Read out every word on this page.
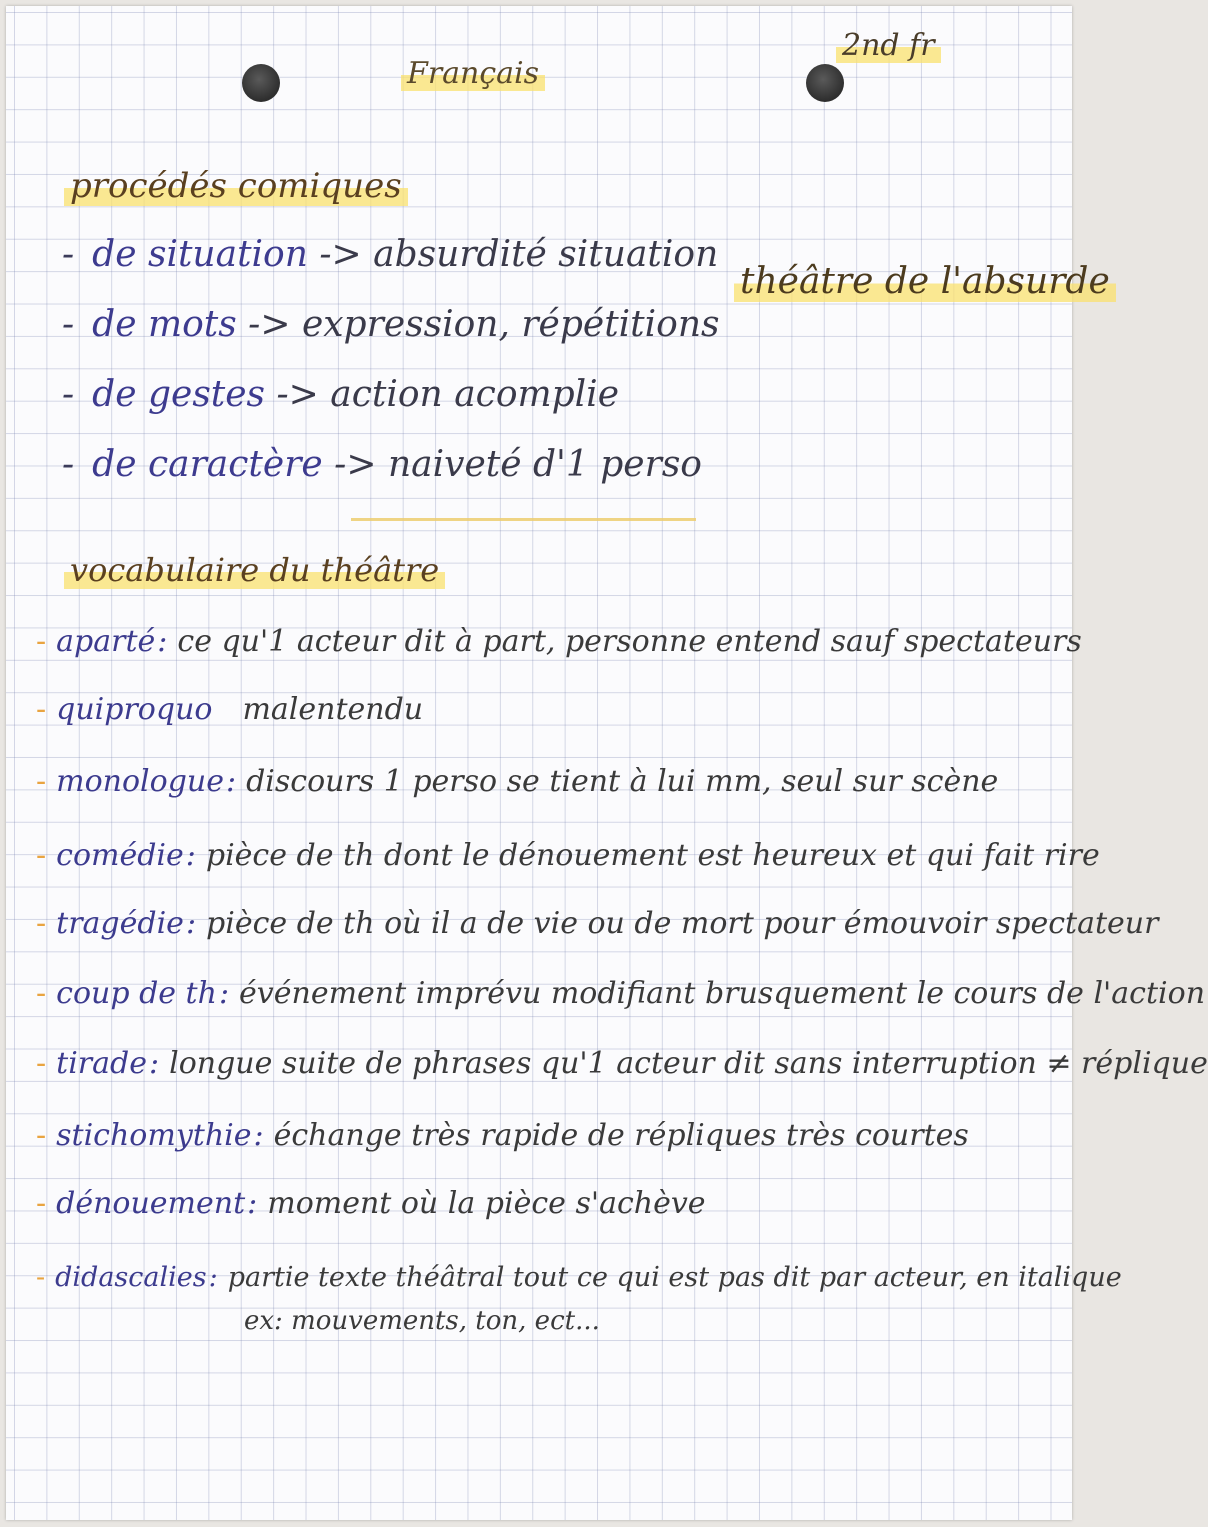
Français
2nd fr
procédés comiques
- de situation -> absurdité situation
- de mots -> expression, répétitions
- de gestes -> action acomplie
- de caractère -> naiveté d'1 perso
théâtre de l'absurde
vocabulaire du théâtre
- aparté: ce qu'1 acteur dit à part, personne entend sauf spectateurs
- quiproquo malentendu
- monologue: discours 1 perso se tient à lui mm, seul sur scène
- comédie: pièce de th dont le dénouement est heureux et qui fait rire
- tragédie: pièce de th où il a de vie ou de mort pour émouvoir spectateur
- coup de th: événement imprévu modifiant brusquement le cours de l'action
- tirade: longue suite de phrases qu'1 acteur dit sans interruption ≠ réplique
- stichomythie: échange très rapide de répliques très courtes
- dénouement: moment où la pièce s'achève
- didascalies: partie texte théâtral tout ce qui est pas dit par acteur, en italique
ex: mouvements, ton, ect...
